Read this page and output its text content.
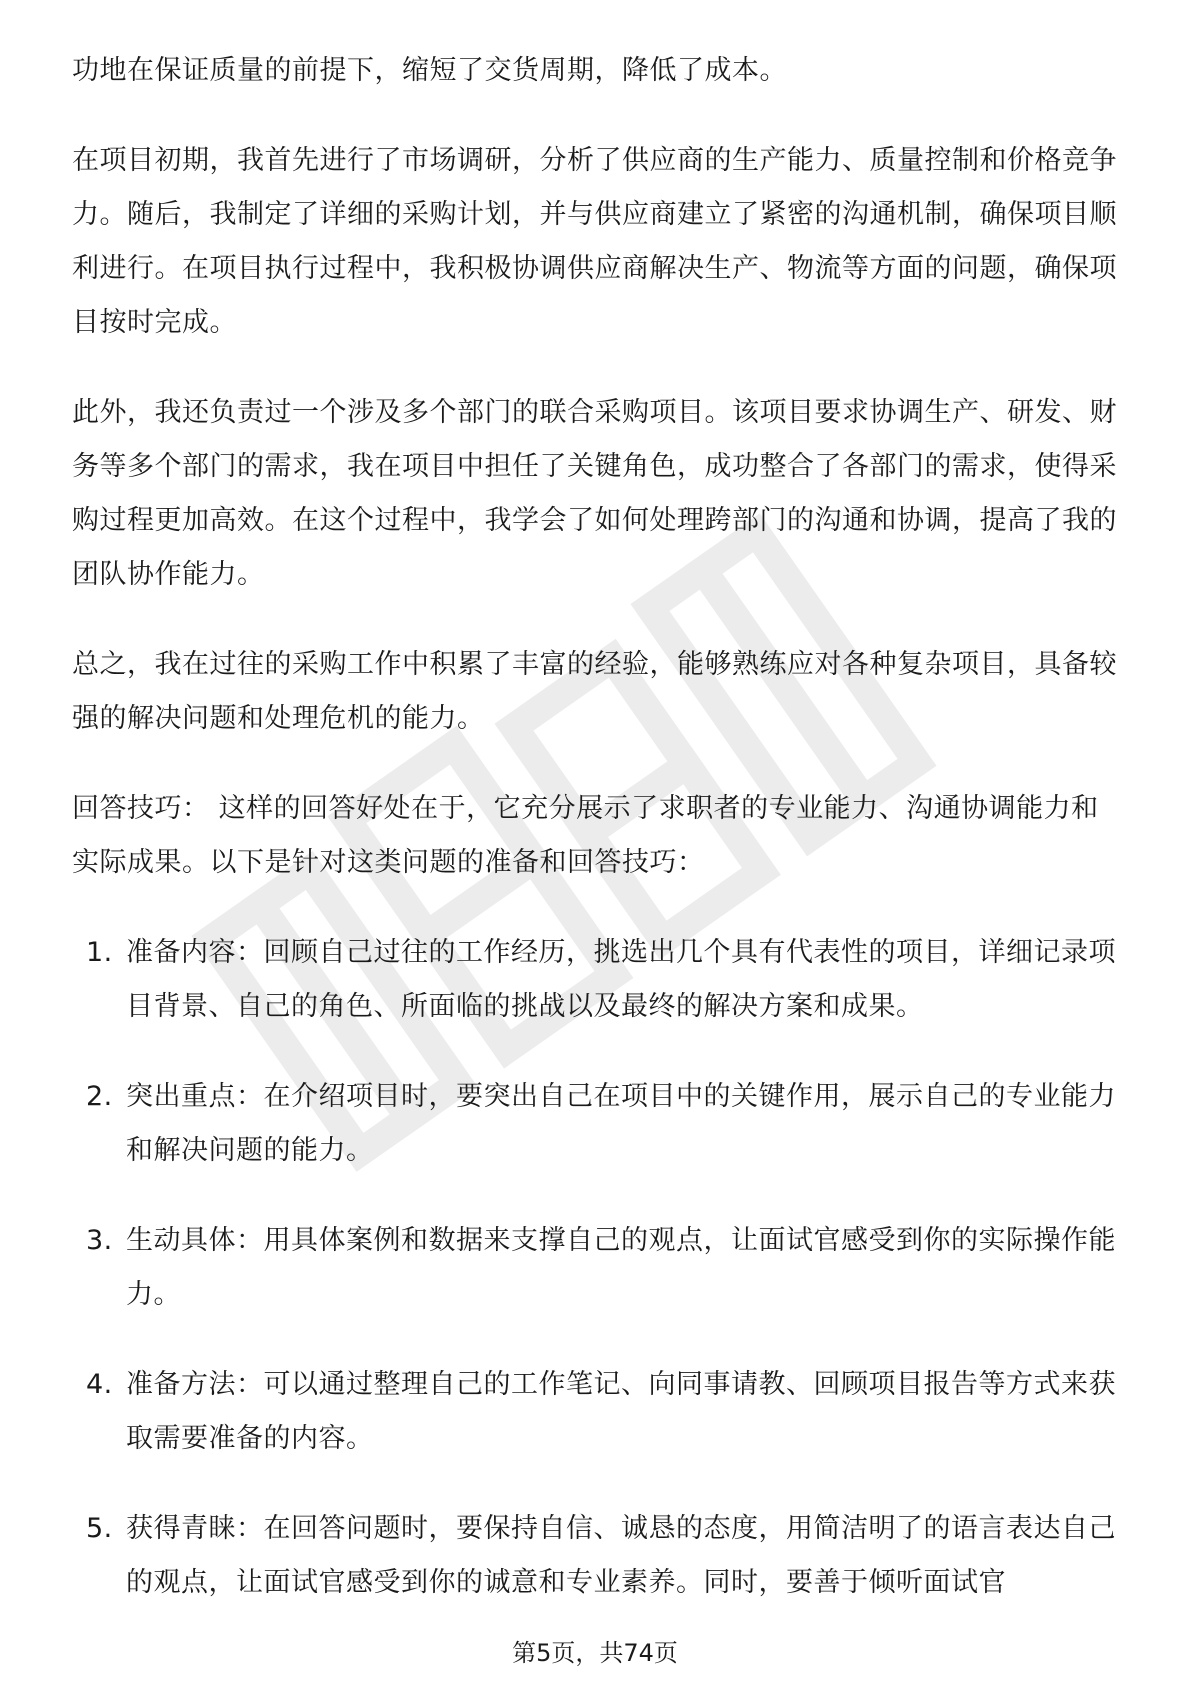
功地在保证质量的前提下，缩短了交货周期，降低了成本。

在项目初期，我首先进行了市场调研，分析了供应商的生产能力、质量控制和价格竞争力。随后，我制定了详细的采购计划，并与供应商建立了紧密的沟通机制，确保项目顺利进行。在项目执行过程中，我积极协调供应商解决生产、物流等方面的问题，确保项目按时完成。

此外，我还负责过一个涉及多个部门的联合采购项目。该项目要求协调生产、研发、财务等多个部门的需求，我在项目中担任了关键角色，成功整合了各部门的需求，使得采购过程更加高效。在这个过程中，我学会了如何处理跨部门的沟通和协调，提高了我的团队协作能力。

总之，我在过往的采购工作中积累了丰富的经验，能够熟练应对各种复杂项目，具备较强的解决问题和处理危机的能力。

回答技巧： 这样的回答好处在于，它充分展示了求职者的专业能力、沟通协调能力和实际成果。以下是针对这类问题的准备和回答技巧：

1. 准备内容：回顾自己过往的工作经历，挑选出几个具有代表性的项目，详细记录项目背景、自己的角色、所面临的挑战以及最终的解决方案和成果。
2. 突出重点：在介绍项目时，要突出自己在项目中的关键作用，展示自己的专业能力和解决问题的能力。
3. 生动具体：用具体案例和数据来支撑自己的观点，让面试官感受到你的实际操作能力。
4. 准备方法：可以通过整理自己的工作笔记、向同事请教、回顾项目报告等方式来获取需要准备的内容。
5. 获得青睐：在回答问题时，要保持自信、诚恳的态度，用简洁明了的语言表达自己的观点，让面试官感受到你的诚意和专业素养。同时，要善于倾听面试官
第5页，共74页
